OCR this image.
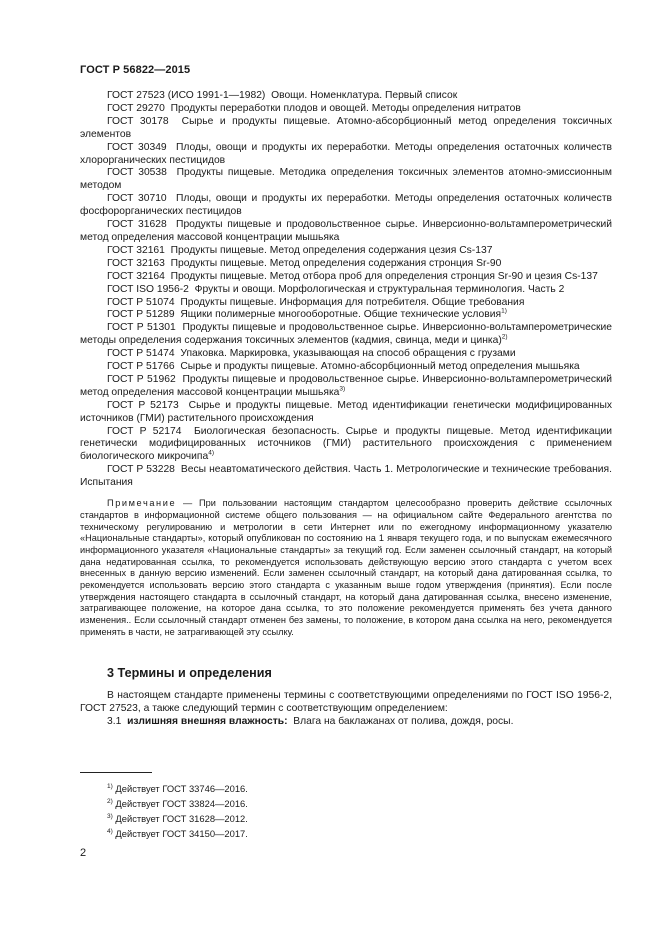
ГОСТ Р 56822—2015

ГОСТ 27523 (ИСО 1991-1—1982) Овощи. Номенклатура. Первый список

ГОСТ 29270 Продукты переработки плодов и овощей. Методы определения нитратов

ГОСТ 30178 Сырье и продукты пищевые. Атомно-абсорбционный метод определения токсичных элементов

ГОСТ 30349 Плоды, овощи и продукты их переработки. Методы определения остаточных количеств хлорорганических пестицидов

ГОСТ 30538 Продукты пищевые. Методика определения токсичных элементов атомно-эмиссионным методом

ГОСТ 30710 Плоды, овощи и продукты их переработки. Методы определения остаточных количеств фосфорорганических пестицидов

ГОСТ 31628 Продукты пищевые и продовольственное сырье. Инверсионно-вольтамперометрический метод определения массовой концентрации мышьяка

ГОСТ 32161 Продукты пищевые. Метод определения содержания цезия Cs-137

ГОСТ 32163 Продукты пищевые. Метод определения содержания стронция Sr-90

ГОСТ 32164 Продукты пищевые. Метод отбора проб для определения стронция Sr-90 и цезия Cs-137

ГОСТ ISO 1956-2 Фрукты и овощи. Морфологическая и структуральная терминология. Часть 2

ГОСТ Р 51074 Продукты пищевые. Информация для потребителя. Общие требования

ГОСТ Р 51289 Ящики полимерные многооборотные. Общие технические условия$^{1)}$

ГОСТ Р 51301 Продукты пищевые и продовольственное сырье. Инверсионно-вольтамперометрические методы определения содержания токсичных элементов (кадмия, свинца, меди и цинка)$^{2)}$

ГОСТ Р 51474 Упаковка. Маркировка, указывающая на способ обращения с грузами

ГОСТ Р 51766 Сырье и продукты пищевые. Атомно-абсорбционный метод определения мышьяка

ГОСТ Р 51962 Продукты пищевые и продовольственное сырье. Инверсионно-вольтамперометрический метод определения массовой концентрации мышьяка$^{3)}$

ГОСТ Р 52173 Сырье и продукты пищевые. Метод идентификации генетически модифицированных источников (ГМИ) растительного происхождения

ГОСТ Р 52174 Биологическая безопасность. Сырье и продукты пищевые. Метод идентификации генетически модифицированных источников (ГМИ) растительного происхождения с применением биологического микрочипа$^{4)}$

ГОСТ Р 53228 Весы неавтоматического действия. Часть 1. Метрологические и технические требования. Испытания

Примечание — При пользовании настоящим стандартом целесообразно проверить действие ссылочных стандартов в информационной системе общего пользования — на официальном сайте Федерального агентства по техническому регулированию и метрологии в сети Интернет или по ежегодному информационному указателю «Национальные стандарты», который опубликован по состоянию на 1 января текущего года, и по выпускам ежемесячного информационного указателя «Национальные стандарты» за текущий год. Если заменен ссылочный стандарт, на который дана недатированная ссылка, то рекомендуется использовать действующую версию этого стандарта с учетом всех внесенных в данную версию изменений. Если заменен ссылочный стандарт, на который дана датированная ссылка, то рекомендуется использовать версию этого стандарта с указанным выше годом утверждения (принятия). Если после утверждения настоящего стандарта в ссылочный стандарт, на который дана датированная ссылка, внесено изменение, затрагивающее положение, на которое дана ссылка, то это положение рекомендуется применять без учета данного изменения.. Если ссылочный стандарт отменен без замены, то положение, в котором дана ссылка на него, рекомендуется применять в части, не затрагивающей эту ссылку.

3 Термины и определения

В настоящем стандарте применены термины с соответствующими определениями по ГОСТ ISO 1956-2, ГОСТ 27523, а также следующий термин с соответствующим определением:

3.1 излишняя внешняя влажность: Влага на баклажанах от полива, дождя, росы.

$^{1)}$ Действует ГОСТ 33746—2016.

$^{2)}$ Действует ГОСТ 33824—2016.

$^{3)}$ Действует ГОСТ 31628—2012.

$^{4)}$ Действует ГОСТ 34150—2017.

2
